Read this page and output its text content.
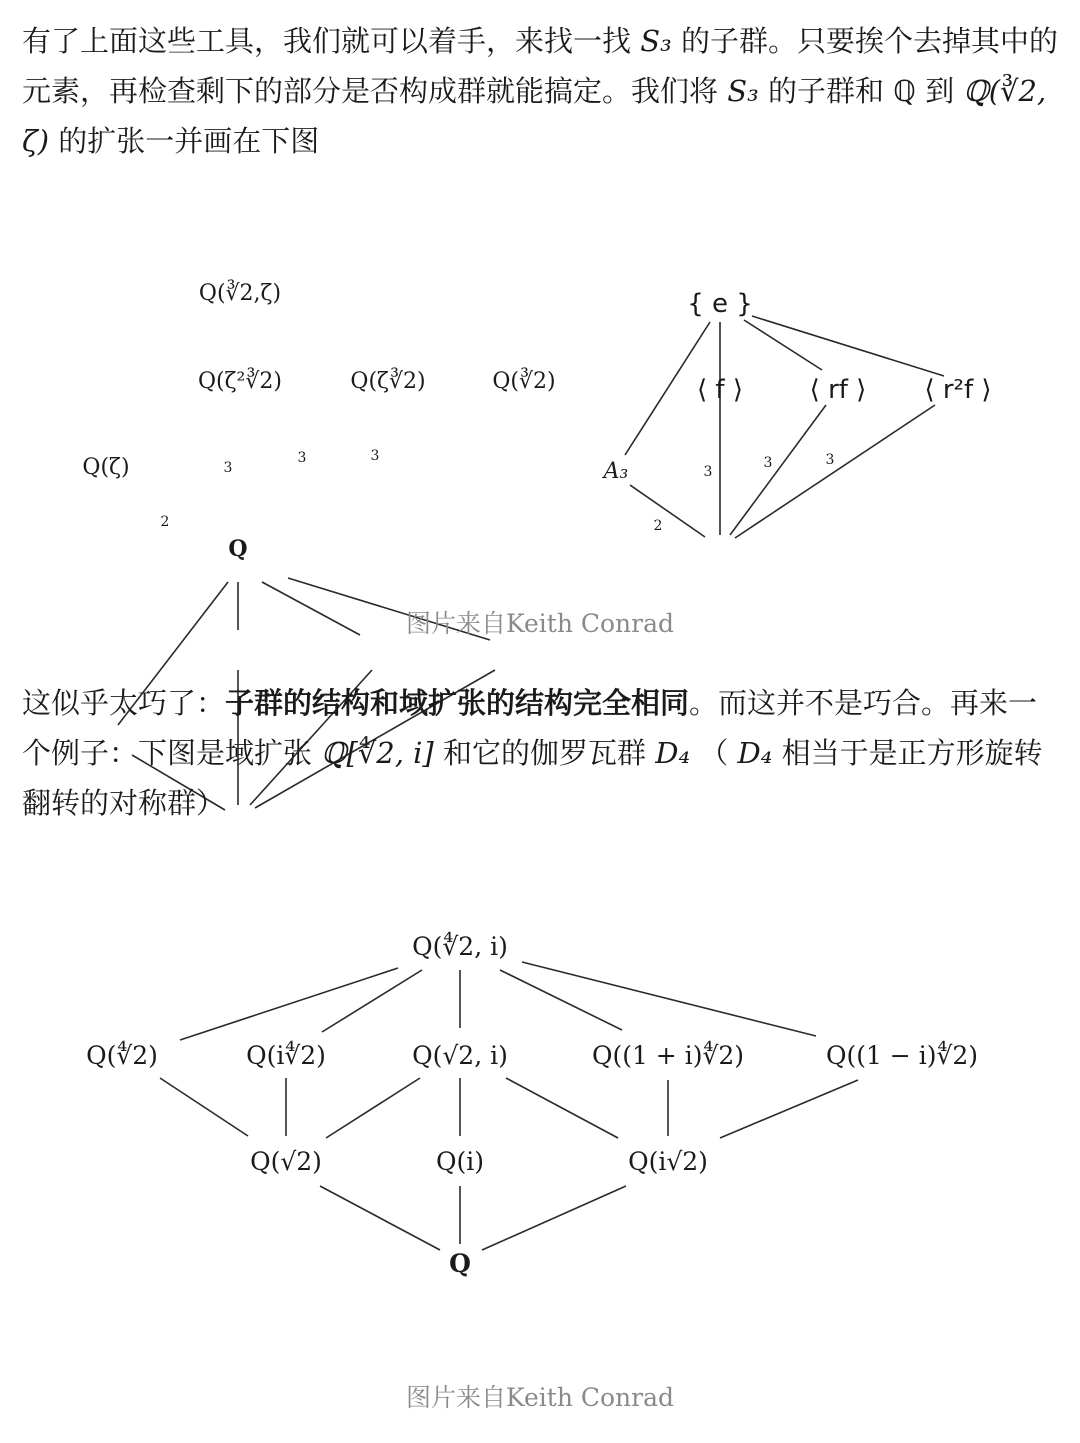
有了上面这些工具，我们就可以着手，来找一找 S₃ 的子群。只要挨个去掉其中的元素，再检查剩下的部分是否构成群就能搞定。我们将 S₃ 的子群和 ℚ 到 ℚ(∛2, ζ) 的扩张一并画在下图

Q(∛2,ζ)
Q(ζ²∛2)	Q(ζ∛2)	Q(∛2)
Q(ζ)
Q
3
3	3
2
{ e }
⟨ f ⟩	⟨ rf ⟩ ⟨ r²f ⟩
A₃	3
3	3
2
图片来自Keith Conrad

这似乎太巧了：子群的结构和域扩张的结构完全相同。而这并不是巧合。再来一个例子：下图是域扩张 ℚ[∜2, i] 和它的伽罗瓦群 D₄ （ D₄ 相当于是正方形旋转翻转的对称群）

Q(∜2, i)
Q(∜2)	Q(i∜2)	Q(√2, i)	Q((1 + i)∜2)	Q((1 − i)∜2)
Q(√2)	Q(i)	Q(i√2)
Q
图片来自Keith Conrad
